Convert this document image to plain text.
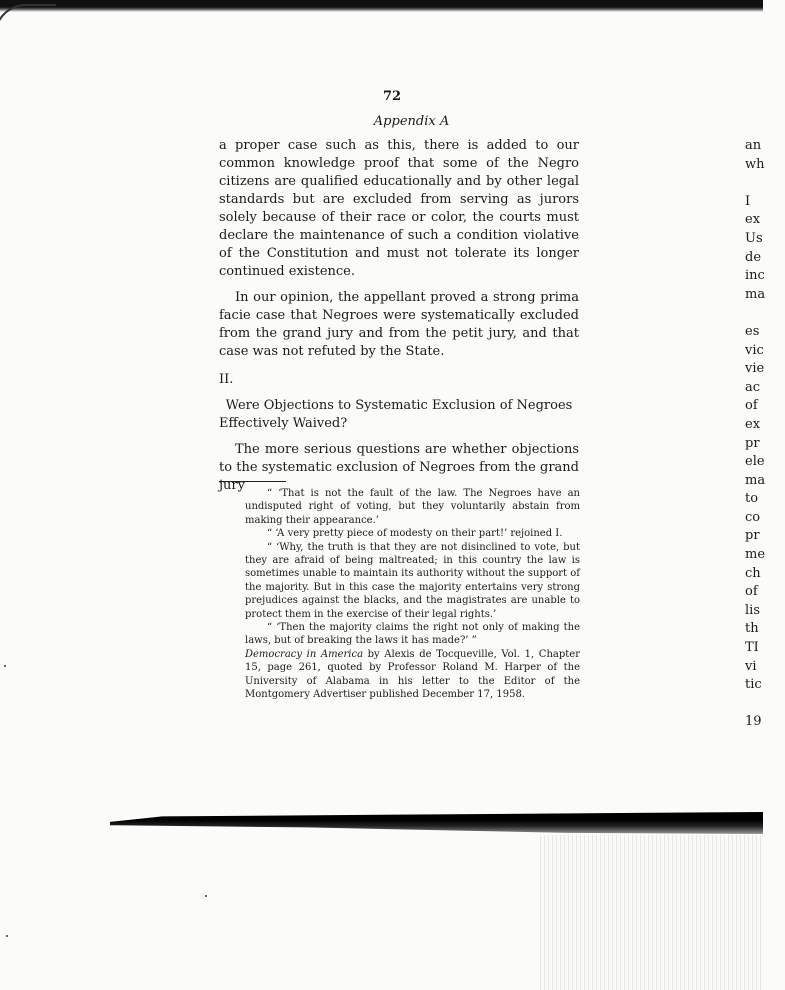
72
Appendix A

a proper case such as this, there is added to our common knowledge proof that some of the Negro citizens are qualified educationally and by other legal standards but are excluded from serving as jurors solely because of their race or color, the courts must declare the maintenance of such a condition violative of the Constitution and must not tolerate its longer continued existence.

In our opinion, the appellant proved a strong prima facie case that Negroes were systematically excluded from the grand jury and from the petit jury, and that case was not refuted by the State.

II.
Were Objections to Systematic Exclusion of Negroes Effectively Waived?

The more serious questions are whether objections to the systematic exclusion of Negroes from the grand jury

“ ‘That is not the fault of the law. The Negroes have an undisputed right of voting, but they voluntarily abstain from making their appearance.’

“ ‘A very pretty piece of modesty on their part!’ rejoined I.

“ ‘Why, the truth is that they are not disinclined to vote, but they are afraid of being maltreated; in this country the law is sometimes unable to maintain its authority without the support of the majority. But in this case the majority entertains very strong prejudices against the blacks, and the magistrates are unable to protect them in the exercise of their legal rights.’

“ ‘Then the majority claims the right not only of making the laws, but of breaking the laws it has made?’ ”

Democracy in America by Alexis de Tocqueville, Vol. 1, Chapter 15, page 261, quoted by Professor Roland M. Harper of the University of Alabama in his letter to the Editor of the Montgomery Advertiser published December 17, 1958.

an
wh

I
ex
Us
de
inc
ma

es
vic
vie
ac
of
ex
pr
ele
ma
to
co
pr
me
ch
of
lis
th
TI
vi
tic

19
